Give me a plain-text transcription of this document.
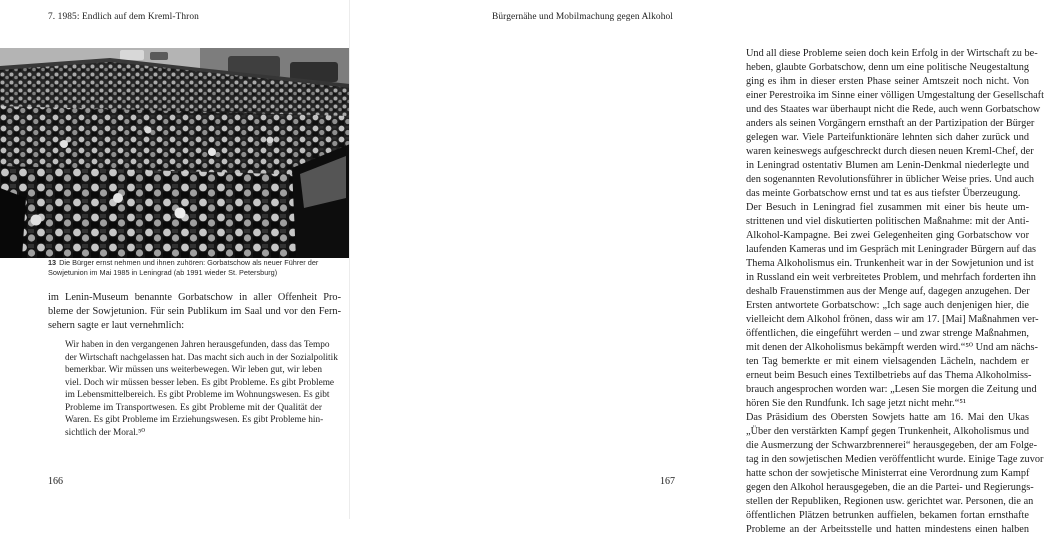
7. 1985: Endlich auf dem Kreml-Thron
13 Die Bürger ernst nehmen und ihnen zuhören: Gorbatschow als neuer Führer der Sowjetunion im Mai 1985 in Leningrad (ab 1991 wieder St. Petersburg)
im Lenin-Museum benannte Gorbatschow in aller Offenheit Pro-
bleme der Sowjetunion. Für sein Publikum im Saal und vor den Fern-
sehern sagte er laut vernehmlich:
Wir haben in den vergangenen Jahren herausgefunden, dass das Tempo
der Wirtschaft nachgelassen hat. Das macht sich auch in der Sozialpolitik
bemerkbar. Wir müssen uns weiterbewegen. Wir leben gut, wir leben
viel. Doch wir müssen besser leben. Es gibt Probleme. Es gibt Probleme
im Lebensmittelbereich. Es gibt Probleme im Wohnungswesen. Es gibt
Probleme im Transportwesen. Es gibt Probleme mit der Qualität der
Waren. Es gibt Probleme im Erziehungswesen. Es gibt Probleme hin-
sichtlich der Moral.⁵⁰
166
Bürgernähe und Mobilmachung gegen Alkohol
Und all diese Probleme seien doch kein Erfolg in der Wirtschaft zu be-
heben, glaubte Gorbatschow, denn um eine politische Neugestaltung
ging es ihm in dieser ersten Phase seiner Amtszeit noch nicht. Von
einer Perestroika im Sinne einer völligen Umgestaltung der Gesellschaft
und des Staates war überhaupt nicht die Rede, auch wenn Gorbatschow
anders als seinen Vorgängern ernsthaft an der Partizipation der Bürger
gelegen war. Viele Parteifunktionäre lehnten sich daher zurück und
waren keineswegs aufgeschreckt durch diesen neuen Kreml-Chef, der
in Leningrad ostentativ Blumen am Lenin-Denkmal niederlegte und
den sogenannten Revolutionsführer in üblicher Weise pries. Und auch
das meinte Gorbatschow ernst und tat es aus tiefster Überzeugung.
Der Besuch in Leningrad fiel zusammen mit einer bis heute um-
strittenen und viel diskutierten politischen Maßnahme: mit der Anti-
Alkohol-Kampagne. Bei zwei Gelegenheiten ging Gorbatschow vor
laufenden Kameras und im Gespräch mit Leningrader Bürgern auf das
Thema Alkoholismus ein. Trunkenheit war in der Sowjetunion und ist
in Russland ein weit verbreitetes Problem, und mehrfach forderten ihn
deshalb Frauenstimmen aus der Menge auf, dagegen anzugehen. Der
Ersten antwortete Gorbatschow: „Ich sage auch denjenigen hier, die
vielleicht dem Alkohol frönen, dass wir am 17. [Mai] Maßnahmen ver-
öffentlichen, die eingeführt werden – und zwar strenge Maßnahmen,
mit denen der Alkoholismus bekämpft werden wird.“⁵⁰ Und am nächs-
ten Tag bemerkte er mit einem vielsagenden Lächeln, nachdem er
erneut beim Besuch eines Textilbetriebs auf das Thema Alkoholmiss-
brauch angesprochen worden war: „Lesen Sie morgen die Zeitung und
hören Sie den Rundfunk. Ich sage jetzt nicht mehr.“⁵¹
Das Präsidium des Obersten Sowjets hatte am 16. Mai den Ukas
„Über den verstärkten Kampf gegen Trunkenheit, Alkoholismus und
die Ausmerzung der Schwarzbrennerei“ herausgegeben, der am Folge-
tag in den sowjetischen Medien veröffentlicht wurde. Einige Tage zuvor
hatte schon der sowjetische Ministerrat eine Verordnung zum Kampf
gegen den Alkohol herausgegeben, die an die Partei- und Regierungs-
stellen der Republiken, Regionen usw. gerichtet war. Personen, die an
öffentlichen Plätzen betrunken auffielen, bekamen fortan ernsthafte
Probleme an der Arbeitsstelle und hatten mindestens einen halben
167
